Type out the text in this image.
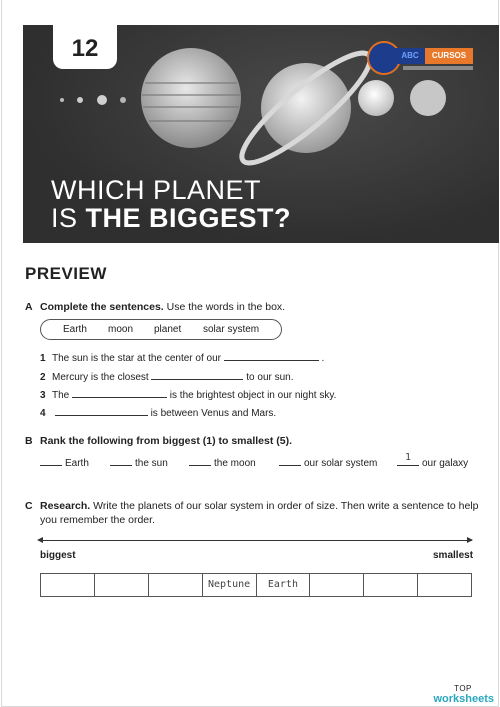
12	ABC	CURSOS
WHICH PLANET
IS THE BIGGEST?
PREVIEW
A Complete the sentences. Use the words in the box.
Earth moon planet solar system
1 The sun is the star at the center of our	.
2 Mercury is the closest	to our sun.
3 The	is the brightest object in our night sky.
4	is between Venus and Mars.
B Rank the following from biggest (1) to smallest (5).
Earth	the sun	the moon	our solar system
1
our galaxy
C Research. Write the planets of our solar system in order of size. Then write a sentence to help
you remember the order.
biggest	smallest
Neptune	Earth
TOP
worksheets
